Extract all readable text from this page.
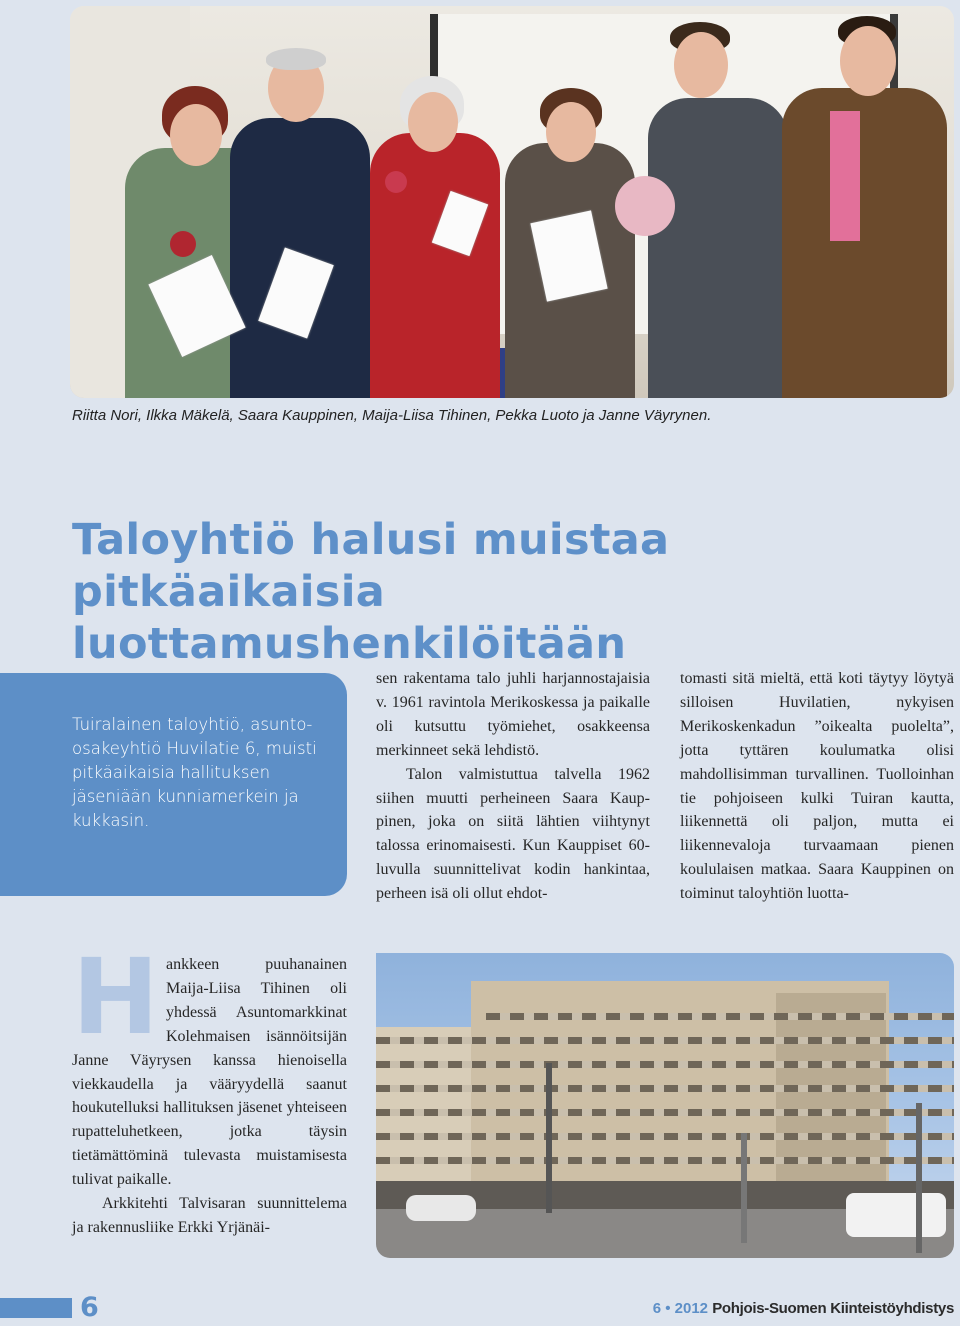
Riitta Nori, Ilkka Mäkelä, Saara Kauppinen, Maija-Liisa Tihinen, Pekka Luoto ja Janne Väyrynen.
Taloyhtiö halusi muistaa
pitkäaikaisia luottamushenkilöitään
Tuiralainen taloyhtiö, asuntoosakeyhtiö Huvilatie 6, muisti pitkäaikaisia hallituksen jäseniään kunniamerkein ja kukkasin.

sen rakentama talo juhli harjannostajaisia v. 1961 ravintola Merikoskessa ja paikalle oli kutsuttu työmiehet, osakkeensa merkinneet sekä lehdistö.

Talon valmistuttua talvella 1962 siihen muutti perheineen Saara Kauppinen, joka on siitä lähtien viihtynyt talossa erinomaisesti. Kun Kauppiset 60-luvulla suunnittelivat kodin hankintaa, perheen isä oli ollut ehdot-

tomasti sitä mieltä, että koti täytyy löytyä silloisen Huvilatien, nykyisen Merikoskenkadun ”oikealta puolelta”, jotta tyttären koulumatka olisi mahdollisimman turvallinen. Tuolloinhan tie pohjoiseen kulki Tuiran kautta, liikennettä oli paljon, mutta ei liikennevaloja turvaamaan pienen koululaisen matkaa. Saara Kauppinen on toiminut taloyhtiön luotta-

H ankkeen puuhanainen Maija-Liisa Tihinen oli yhdessä Asuntomarkkinat Kolehmaisen isännöitsijän Janne Väyrysen kanssa hienoisella viekkaudella ja vääryydellä saanut houkutelluksi hallituksen jäsenet yhteiseen rupatteluhetkeen, jotka täysin tietämättöminä tulevasta muistamisesta tulivat paikalle.

Arkkitehti Talvisaran suunnittelema ja rakennusliike Erkki Yrjänäi-

6	6 • 2012 Pohjois-Suomen Kiinteistöyhdistys
